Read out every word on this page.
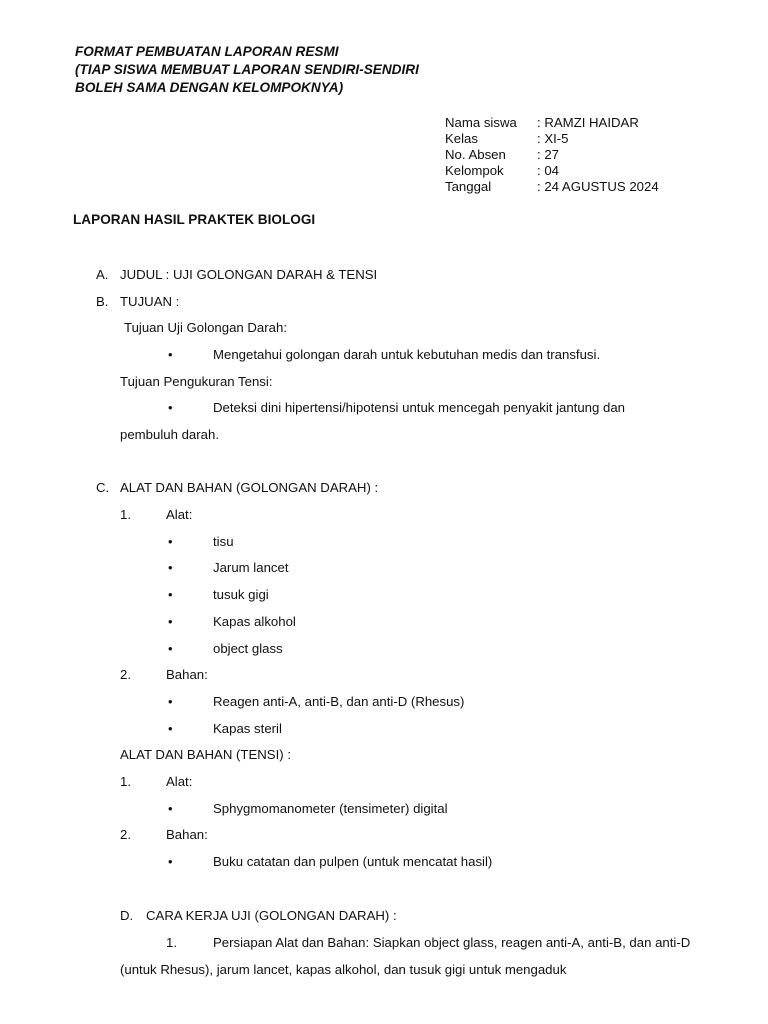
FORMAT PEMBUATAN LAPORAN RESMI
(TIAP SISWA MEMBUAT LAPORAN SENDIRI-SENDIRI
BOLEH SAMA DENGAN KELOMPOKNYA)
Nama siswa : RAMZI HAIDAR
Kelas	: XI-5
No. Absen : 27
Kelompok	: 04
Tanggal	: 24 AGUSTUS 2024
LAPORAN HASIL PRAKTEK BIOLOGI
A. JUDUL : UJI GOLONGAN DARAH & TENSI
B. TUJUAN :
Tujuan Uji Golongan Darah:
•	Mengetahui golongan darah untuk kebutuhan medis dan transfusi.
Tujuan Pengukuran Tensi:
•	Deteksi dini hipertensi/hipotensi untuk mencegah penyakit jantung dan
pembuluh darah.
C. ALAT DAN BAHAN (GOLONGAN DARAH) :
1.	Alat:
•	tisu
•	Jarum lancet
•	tusuk gigi
•	Kapas alkohol
•	object glass
2.	Bahan:
•	Reagen anti-A, anti-B, dan anti-D (Rhesus)
•	Kapas steril
ALAT DAN BAHAN (TENSI) :
1.	Alat:
•	Sphygmomanometer (tensimeter) digital
2.	Bahan:
•	Buku catatan dan pulpen (untuk mencatat hasil)
D. CARA KERJA UJI (GOLONGAN DARAH) :
1.	Persiapan Alat dan Bahan: Siapkan object glass, reagen anti-A, anti-B, dan anti-D
(untuk Rhesus), jarum lancet, kapas alkohol, dan tusuk gigi untuk mengaduk
